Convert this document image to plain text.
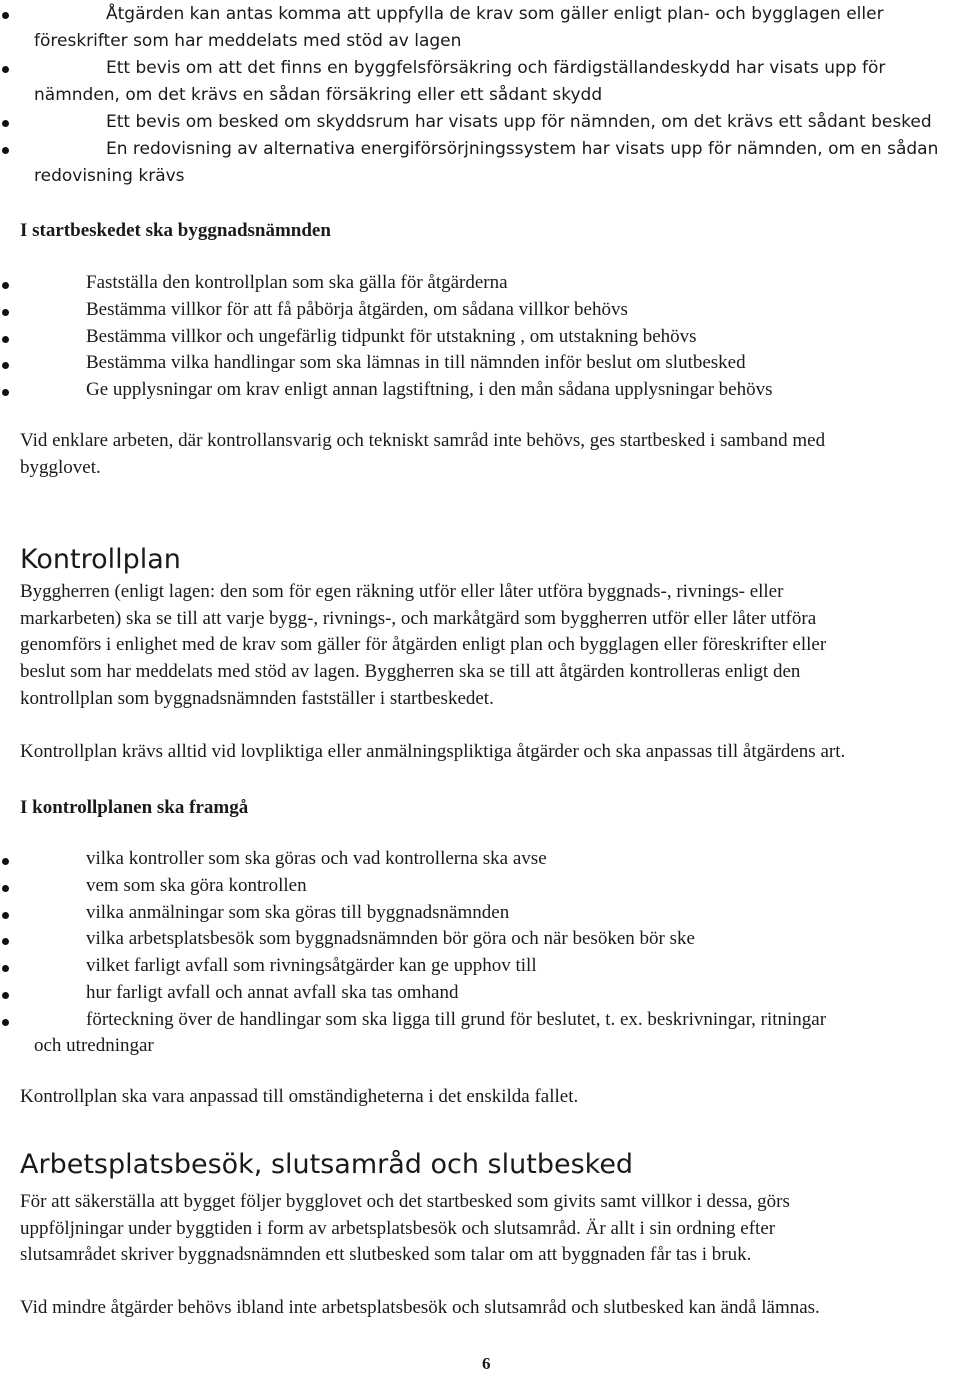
Åtgärden kan antas komma att uppfylla de krav som gäller enligt plan- och bygglagen eller
föreskrifter som har meddelats med stöd av lagen
Ett bevis om att det finns en byggfelsförsäkring och färdigställandeskydd har visats upp för
nämnden, om det krävs en sådan försäkring eller ett sådant skydd
Ett bevis om besked om skyddsrum har visats upp för nämnden, om det krävs ett sådant besked
En redovisning av alternativa energiförsörjningssystem har visats upp för nämnden, om en sådan
redovisning krävs
I startbeskedet ska byggnadsnämnden
Fastställa den kontrollplan som ska gälla för åtgärderna
Bestämma villkor för att få påbörja åtgärden, om sådana villkor behövs
Bestämma villkor och ungefärlig tidpunkt för utstakning , om utstakning behövs
Bestämma vilka handlingar som ska lämnas in till nämnden inför beslut om slutbesked
Ge upplysningar om krav enligt annan lagstiftning, i den mån sådana upplysningar behövs
Vid enklare arbeten, där kontrollansvarig och tekniskt samråd inte behövs, ges startbesked i samband med
bygglovet.
Kontrollplan
Byggherren (enligt lagen: den som för egen räkning utför eller låter utföra byggnads-, rivnings- eller
markarbeten) ska se till att varje bygg-, rivnings-, och markåtgärd som byggherren utför eller låter utföra
genomförs i enlighet med de krav som gäller för åtgärden enligt plan och bygglagen eller föreskrifter eller
beslut som har meddelats med stöd av lagen. Byggherren ska se till att åtgärden kontrolleras enligt den
kontrollplan som byggnadsnämnden fastställer i startbeskedet.
Kontrollplan krävs alltid vid lovpliktiga eller anmälningspliktiga åtgärder och ska anpassas till åtgärdens art.
I kontrollplanen ska framgå
vilka kontroller som ska göras och vad kontrollerna ska avse
vem som ska göra kontrollen
vilka anmälningar som ska göras till byggnadsnämnden
vilka arbetsplatsbesök som byggnadsnämnden bör göra och när besöken bör ske
vilket farligt avfall som rivningsåtgärder kan ge upphov till
hur farligt avfall och annat avfall ska tas omhand
förteckning över de handlingar som ska ligga till grund för beslutet, t. ex. beskrivningar, ritningar
och utredningar
Kontrollplan ska vara anpassad till omständigheterna i det enskilda fallet.
Arbetsplatsbesök, slutsamråd och slutbesked
För att säkerställa att bygget följer bygglovet och det startbesked som givits samt villkor i dessa, görs
uppföljningar under byggtiden i form av arbetsplatsbesök och slutsamråd. Är allt i sin ordning efter
slutsamrådet skriver byggnadsnämnden ett slutbesked som talar om att byggnaden får tas i bruk.
Vid mindre åtgärder behövs ibland inte arbetsplatsbesök och slutsamråd och slutbesked kan ändå lämnas.
6
